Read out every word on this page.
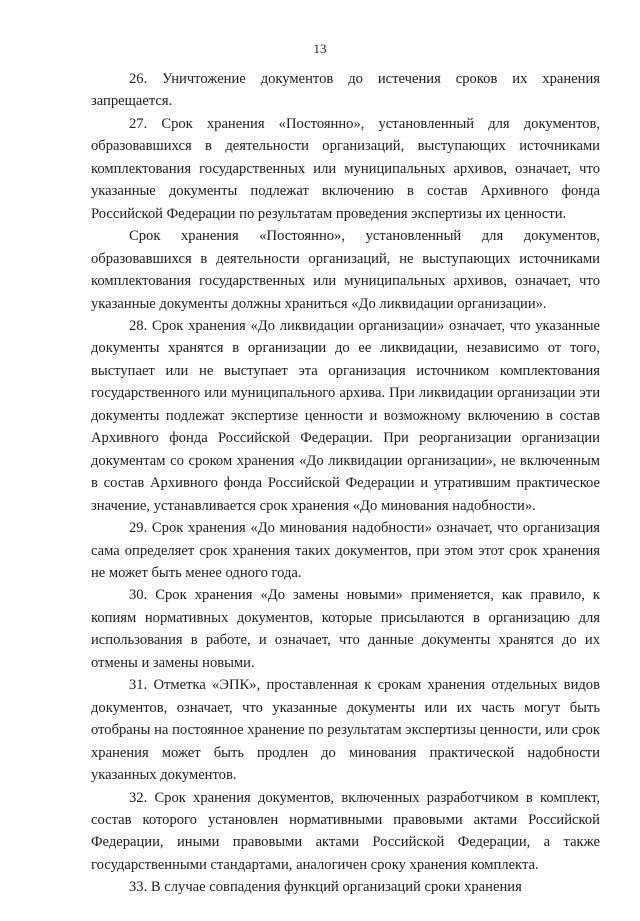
13

26. Уничтожение документов до истечения сроков их хранения запрещается.

27. Срок хранения «Постоянно», установленный для документов, образовавшихся в деятельности организаций, выступающих источниками комплектования государственных или муниципальных архивов, означает, что указанные документы подлежат включению в состав Архивного фонда Российской Федерации по результатам проведения экспертизы их ценности.

Срок хранения «Постоянно», установленный для документов, образовавшихся в деятельности организаций, не выступающих источниками комплектования государственных или муниципальных архивов, означает, что указанные документы должны храниться «До ликвидации организации».

28. Срок хранения «До ликвидации организации» означает, что указанные документы хранятся в организации до ее ликвидации, независимо от того, выступает или не выступает эта организация источником комплектования государственного или муниципального архива. При ликвидации организации эти документы подлежат экспертизе ценности и возможному включению в состав Архивного фонда Российской Федерации. При реорганизации организации документам со сроком хранения «До ликвидации организации», не включенным в состав Архивного фонда Российской Федерации и утратившим практическое значение, устанавливается срок хранения «До минования надобности».

29. Срок хранения «До минования надобности» означает, что организация сама определяет срок хранения таких документов, при этом этот срок хранения не может быть менее одного года.

30. Срок хранения «До замены новыми» применяется, как правило, к копиям нормативных документов, которые присылаются в организацию для использования в работе, и означает, что данные документы хранятся до их отмены и замены новыми.

31. Отметка «ЭПК», проставленная к срокам хранения отдельных видов документов, означает, что указанные документы или их часть могут быть отобраны на постоянное хранение по результатам экспертизы ценности, или срок хранения может быть продлен до минования практической надобности указанных документов.

32. Срок хранения документов, включенных разработчиком в комплект, состав которого установлен нормативными правовыми актами Российской Федерации, иными правовыми актами Российской Федерации, а также государственными стандартами, аналогичен сроку хранения комплекта.

33. В случае совпадения функций организаций сроки хранения
